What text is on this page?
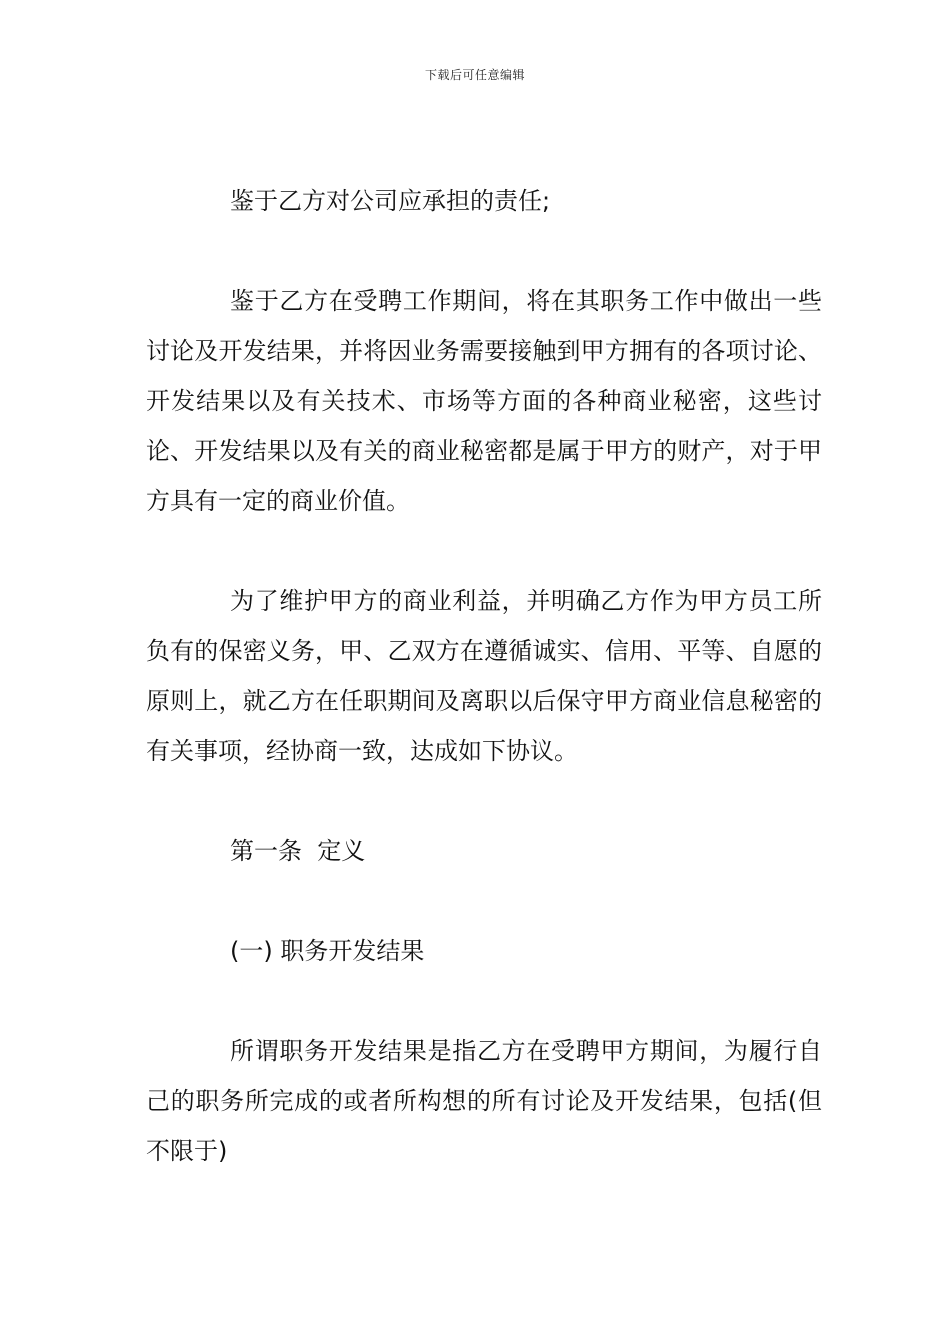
下载后可任意编辑

鉴于乙方对公司应承担的责任;

鉴于乙方在受聘工作期间，将在其职务工作中做出一些讨论及开发结果，并将因业务需要接触到甲方拥有的各项讨论、开发结果以及有关技术、市场等方面的各种商业秘密，这些讨论、开发结果以及有关的商业秘密都是属于甲方的财产，对于甲方具有一定的商业价值。

为了维护甲方的商业利益，并明确乙方作为甲方员工所负有的保密义务，甲、乙双方在遵循诚实、信用、平等、自愿的原则上，就乙方在任职期间及离职以后保守甲方商业信息秘密的有关事项，经协商一致，达成如下协议。

第一条  定义

(一) 职务开发结果

所谓职务开发结果是指乙方在受聘甲方期间，为履行自己的职务所完成的或者所构想的所有讨论及开发结果，包括(但不限于)
